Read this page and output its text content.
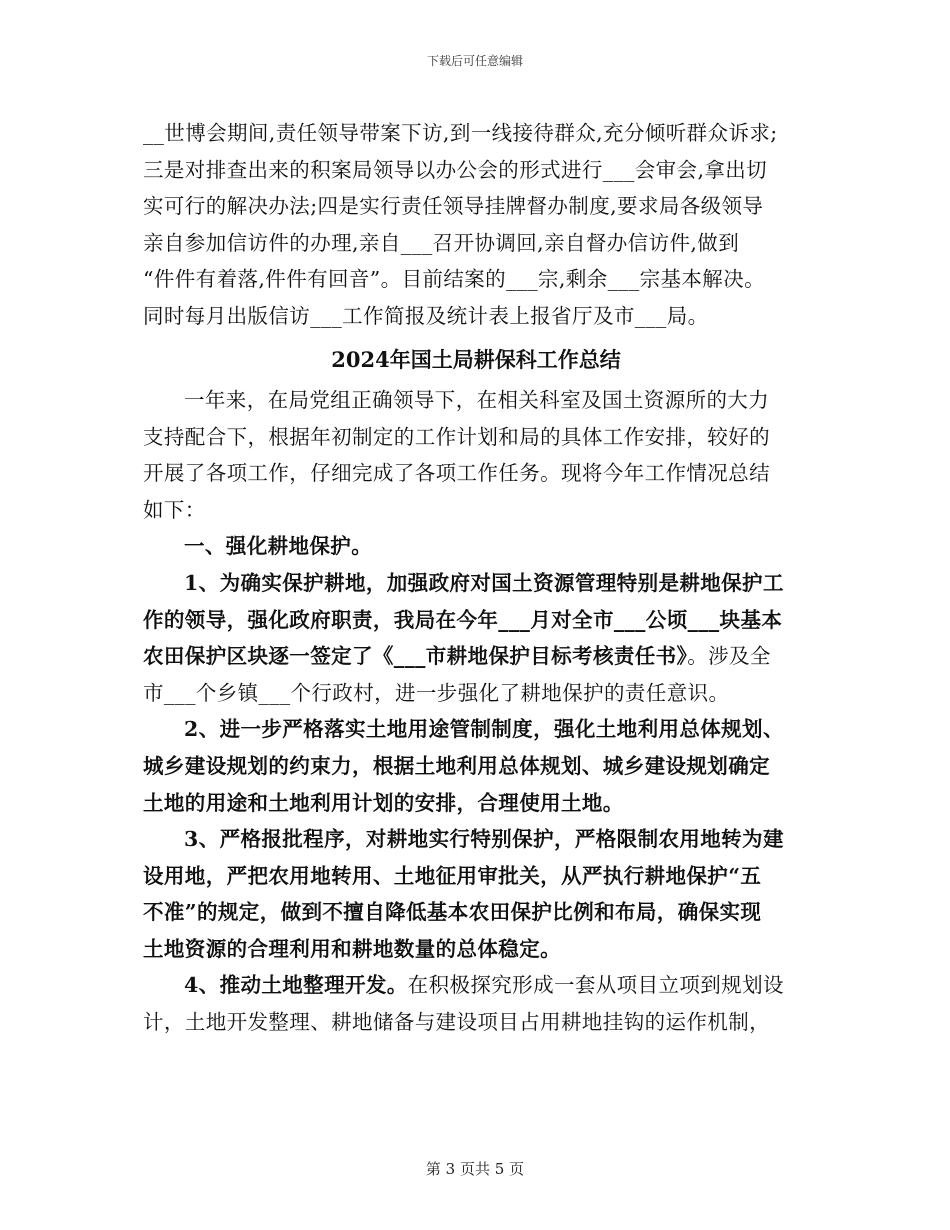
下载后可任意编辑
__世博会期间,责任领导带案下访,到一线接待群众,充分倾听群众诉求;
三是对排查出来的积案局领导以办公会的形式进行___会审会,拿出切
实可行的解决办法;四是实行责任领导挂牌督办制度,要求局各级领导
亲自参加信访件的办理,亲自___召开协调回,亲自督办信访件,做到
“件件有着落,件件有回音”。目前结案的___宗,剩余___宗基本解决。
同时每月出版信访___工作简报及统计表上报省厅及市___局。
2024年国土局耕保科工作总结
一年来，在局党组正确领导下，在相关科室及国土资源所的大力
支持配合下，根据年初制定的工作计划和局的具体工作安排，较好的
开展了各项工作，仔细完成了各项工作任务。现将今年工作情况总结
如下：
一、强化耕地保护。
1、为确实保护耕地，加强政府对国土资源管理特别是耕地保护工
作的领导，强化政府职责，我局在今年___月对全市___公顷___块基本
农田保护区块逐一签定了《___市耕地保护目标考核责任书》。涉及全
市___个乡镇___个行政村，进一步强化了耕地保护的责任意识。
2、进一步严格落实土地用途管制制度，强化土地利用总体规划、
城乡建设规划的约束力，根据土地利用总体规划、城乡建设规划确定
土地的用途和土地利用计划的安排，合理使用土地。
3、严格报批程序，对耕地实行特别保护，严格限制农用地转为建
设用地，严把农用地转用、土地征用审批关，从严执行耕地保护“五
不准”的规定，做到不擅自降低基本农田保护比例和布局，确保实现
土地资源的合理利用和耕地数量的总体稳定。
4、推动土地整理开发。在积极探究形成一套从项目立项到规划设
计，土地开发整理、耕地储备与建设项目占用耕地挂钩的运作机制，
第 3 页共 5 页
